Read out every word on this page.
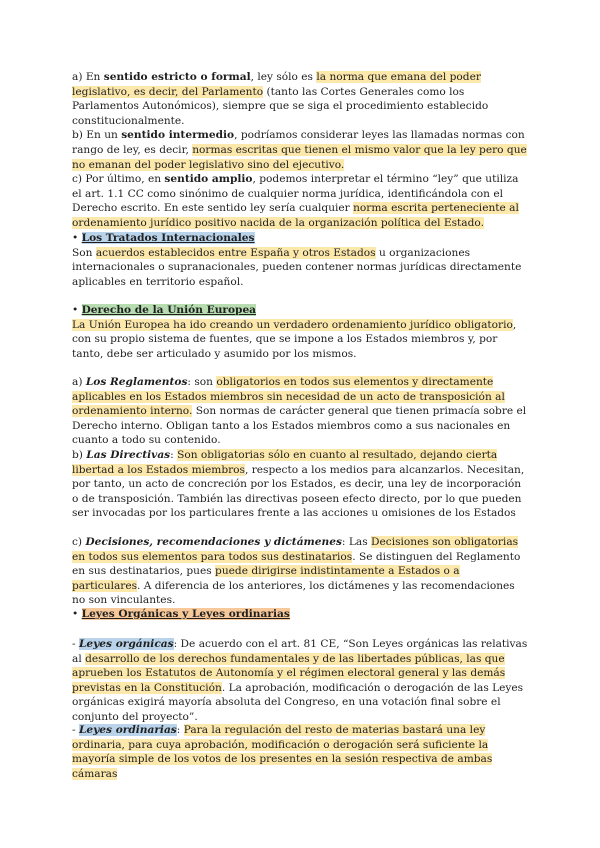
a) En sentido estricto o formal, ley sólo es la norma que emana del poder legislativo, es decir, del Parlamento (tanto las Cortes Generales como los Parlamentos Autonómicos), siempre que se siga el procedimiento establecido constitucionalmente.
b) En un sentido intermedio, podríamos considerar leyes las llamadas normas con rango de ley, es decir, normas escritas que tienen el mismo valor que la ley pero que no emanan del poder legislativo sino del ejecutivo.
c) Por último, en sentido amplio, podemos interpretar el término “ley” que utiliza el art. 1.1 CC como sinónimo de cualquier norma jurídica, identificándola con el Derecho escrito. En este sentido ley sería cualquier norma escrita perteneciente al ordenamiento jurídico positivo nacida de la organización política del Estado.

• Los Tratados Internacionales
Son acuerdos establecidos entre España y otros Estados u organizaciones internacionales o supranacionales, pueden contener normas jurídicas directamente aplicables en territorio español.

• Derecho de la Unión Europea
La Unión Europea ha ido creando un verdadero ordenamiento jurídico obligatorio, con su propio sistema de fuentes, que se impone a los Estados miembros y, por tanto, debe ser articulado y asumido por los mismos.

a) Los Reglamentos: son obligatorios en todos sus elementos y directamente aplicables en los Estados miembros sin necesidad de un acto de transposición al ordenamiento interno. Son normas de carácter general que tienen primacía sobre el Derecho interno. Obligan tanto a los Estados miembros como a sus nacionales en cuanto a todo su contenido.

b) Las Directivas: Son obligatorias sólo en cuanto al resultado, dejando cierta libertad a los Estados miembros, respecto a los medios para alcanzarlos. Necesitan, por tanto, un acto de concreción por los Estados, es decir, una ley de incorporación o de transposición. También las directivas poseen efecto directo, por lo que pueden ser invocadas por los particulares frente a las acciones u omisiones de los Estados

c) Decisiones, recomendaciones y dictámenes: Las Decisiones son obligatorias en todos sus elementos para todos sus destinatarios. Se distinguen del Reglamento en sus destinatarios, pues puede dirigirse indistintamente a Estados o a particulares. A diferencia de los anteriores, los dictámenes y las recomendaciones no son vinculantes.

• Leyes Orgánicas y Leyes ordinarias

- Leyes orgánicas: De acuerdo con el art. 81 CE, “Son Leyes orgánicas las relativas al desarrollo de los derechos fundamentales y de las libertades públicas, las que aprueben los Estatutos de Autonomía y el régimen electoral general y las demás previstas en la Constitución. La aprobación, modificación o derogación de las Leyes orgánicas exigirá mayoría absoluta del Congreso, en una votación final sobre el conjunto del proyecto”.

- Leyes ordinarias: Para la regulación del resto de materias bastará una ley ordinaria, para cuya aprobación, modificación o derogación será suficiente la mayoría simple de los votos de los presentes en la sesión respectiva de ambas cámaras
